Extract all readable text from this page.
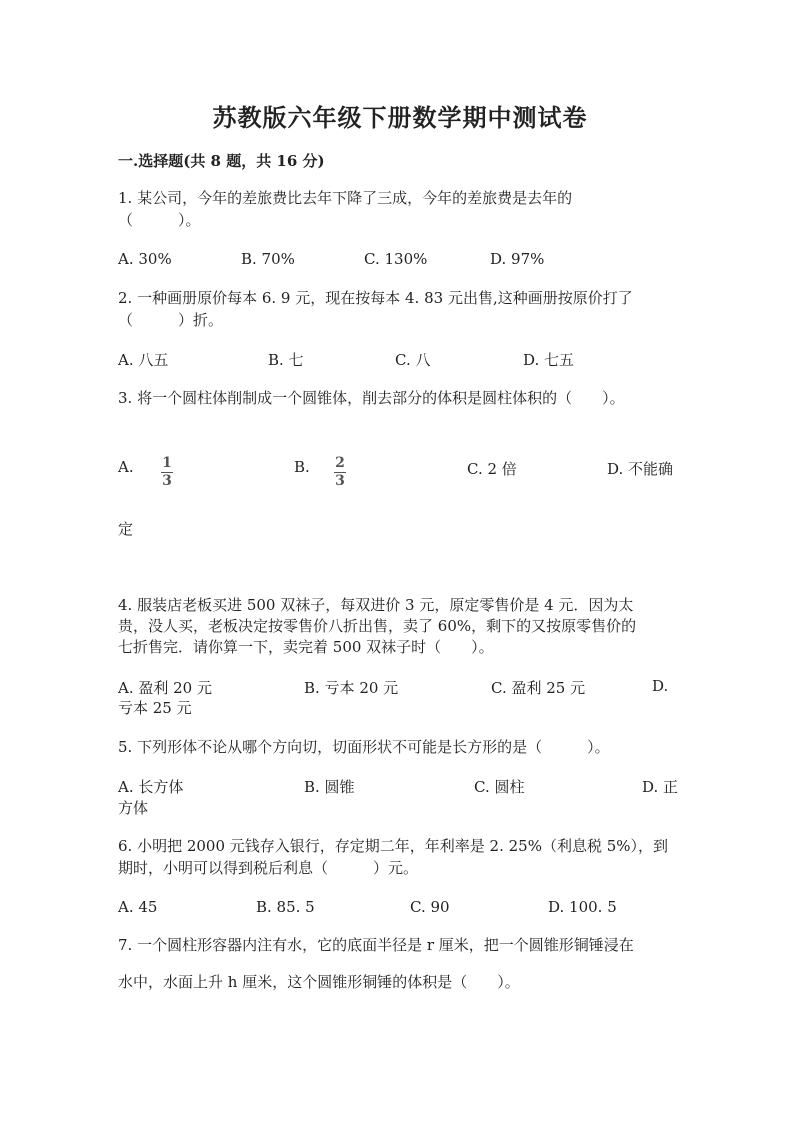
苏教版六年级下册数学期中测试卷
一.选择题(共 8 题，共 16 分)
1. 某公司，今年的差旅费比去年下降了三成，今年的差旅费是去年的
（　　　）。
A. 30%	B. 70%	C. 130%	D. 97%
2. 一种画册原价每本 6. 9 元，现在按每本 4. 83 元出售,这种画册按原价打了
（　　　）折。
A. 八五	B. 七	C. 八	D. 七五
3. 将一个圆柱体削制成一个圆锥体，削去部分的体积是圆柱体积的（　　）。
A. $\frac{1}{3}$	B. $\frac{2}{3}$	C. 2 倍	D. 不能确
定
4. 服装店老板买进 500 双袜子，每双进价 3 元，原定零售价是 4 元．因为太
贵，没人买，老板决定按零售价八折出售，卖了 60%，剩下的又按原零售价的
七折售完．请你算一下，卖完着 500 双袜子时（　　）。
A. 盈利 20 元	B. 亏本 20 元	C. 盈利 25 元	D.
亏本 25 元
5. 下列形体不论从哪个方向切，切面形状不可能是长方形的是（　　　）。
A. 长方体	B. 圆锥	C. 圆柱	D. 正
方体
6. 小明把 2000 元钱存入银行，存定期二年，年利率是 2. 25%（利息税 5%），到
期时，小明可以得到税后利息（　　　）元。
A. 45	B. 85. 5	C. 90	D. 100. 5
7. 一个圆柱形容器内注有水，它的底面半径是 r 厘米，把一个圆锥形铜锤浸在
水中，水面上升 h 厘米，这个圆锥形铜锤的体积是（　　）。
